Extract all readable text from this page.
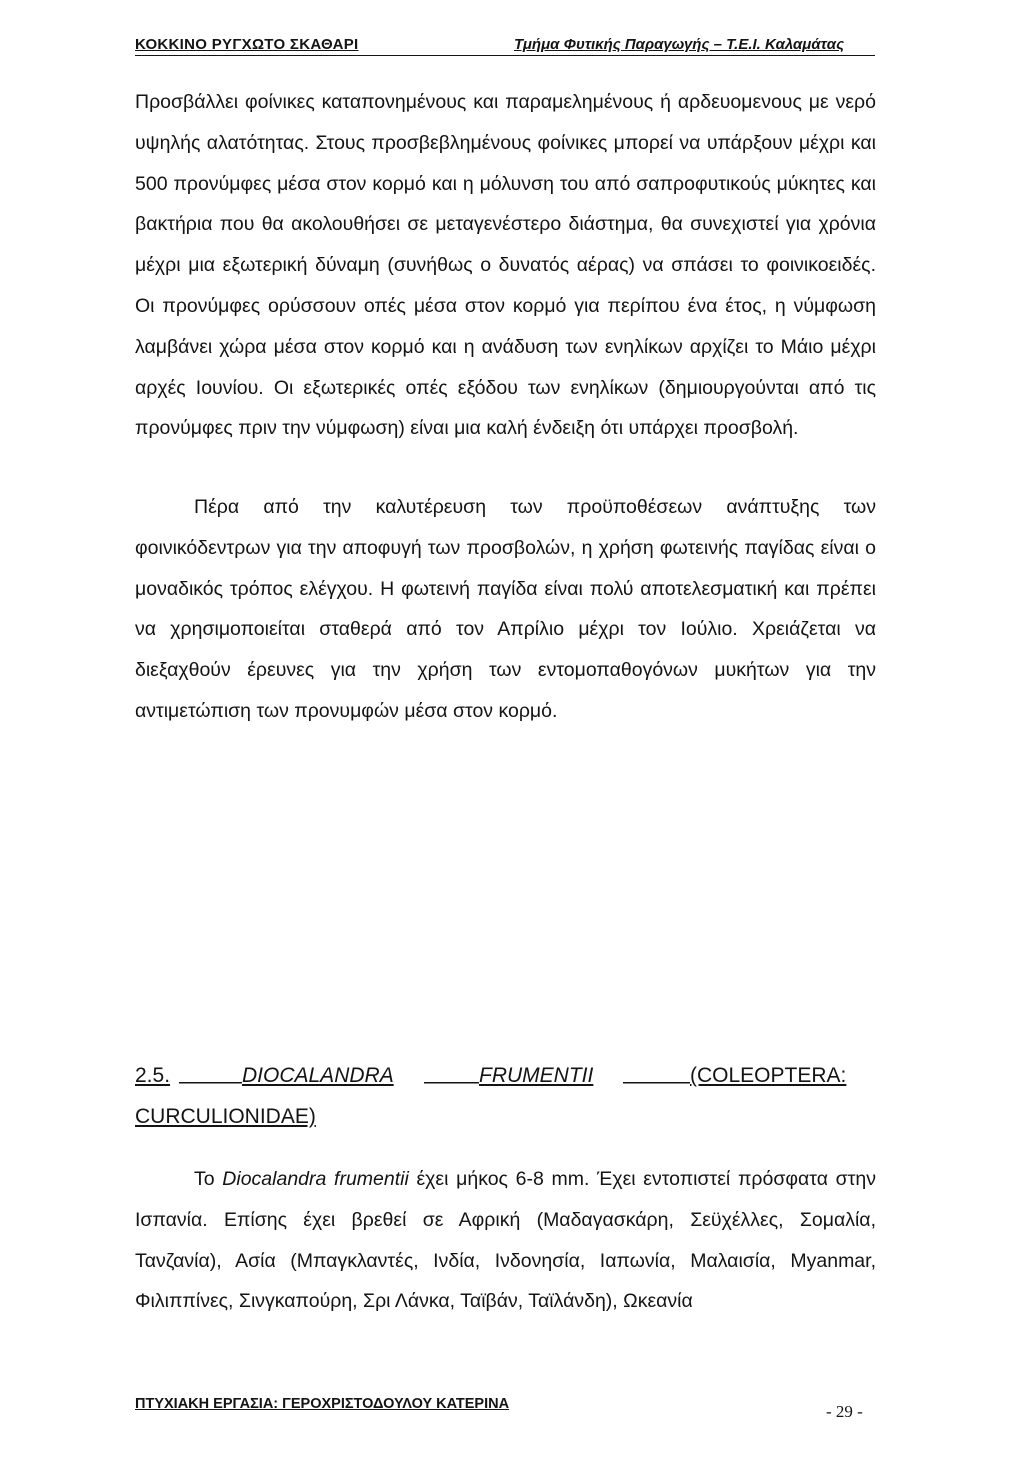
ΚΟΚΚΙΝΟ ΡΥΓΧΩΤΟ ΣΚΑΘΑΡΙ	Τμήμα Φυτικής Παραγωγής – Τ.Ε.Ι. Καλαμάτας

Προσβάλλει φοίνικες καταπονημένους και παραμελημένους ή αρδευομενους με νερό υψηλής αλατότητας. Στους προσβεβλημένους φοίνικες μπορεί να υπάρξουν μέχρι και 500 προνύμφες μέσα στον κορμό και η μόλυνση του από σαπροφυτικούς μύκητες και βακτήρια που θα ακολουθήσει σε μεταγενέστερο διάστημα, θα συνεχιστεί για χρόνια μέχρι μια εξωτερική δύναμη (συνήθως ο δυνατός αέρας) να σπάσει το φοινικοειδές. Οι προνύμφες ορύσσουν οπές μέσα στον κορμό για περίπου ένα έτος, η νύμφωση λαμβάνει χώρα μέσα στον κορμό και η ανάδυση των ενηλίκων αρχίζει το Μάιο μέχρι αρχές Ιουνίου. Οι εξωτερικές οπές εξόδου των ενηλίκων (δημιουργούνται από τις προνύμφες πριν την νύμφωση) είναι μια καλή ένδειξη ότι υπάρχει προσβολή.

Πέρα από την καλυτέρευση των προϋποθέσεων ανάπτυξης των φοινικόδεντρων για την αποφυγή των προσβολών, η χρήση φωτεινής παγίδας είναι ο μοναδικός τρόπος ελέγχου. Η φωτεινή παγίδα είναι πολύ αποτελεσματική και πρέπει να χρησιμοποιείται σταθερά από τον Απρίλιο μέχρι τον Ιούλιο. Χρειάζεται να διεξαχθούν έρευνες για την χρήση των εντομοπαθογόνων μυκήτων για την αντιμετώπιση των προνυμφών μέσα στον κορμό.

2.5.	DIOCALANDRA	FRUMENTII	(COLEOPTERA:
CURCULIONIDAE)

Το Diocalandra frumentii έχει μήκος 6-8 mm. Έχει εντοπιστεί πρόσφατα στην Ισπανία. Επίσης έχει βρεθεί σε Αφρική (Μαδαγασκάρη, Σεϋχέλλες, Σομαλία, Τανζανία), Ασία (Μπαγκλαντές, Ινδία, Ινδονησία, Ιαπωνία, Μαλαισία, Myanmar, Φιλιππίνες, Σινγκαπούρη, Σρι Λάνκα, Ταϊβάν, Ταϊλάνδη), Ωκεανία

ΠΤΥΧΙΑΚΗ ΕΡΓΑΣΙΑ: ΓΕΡΟΧΡΙΣΤΟΔΟΥΛΟΥ ΚΑΤΕΡΙΝΑ	- 29 -
